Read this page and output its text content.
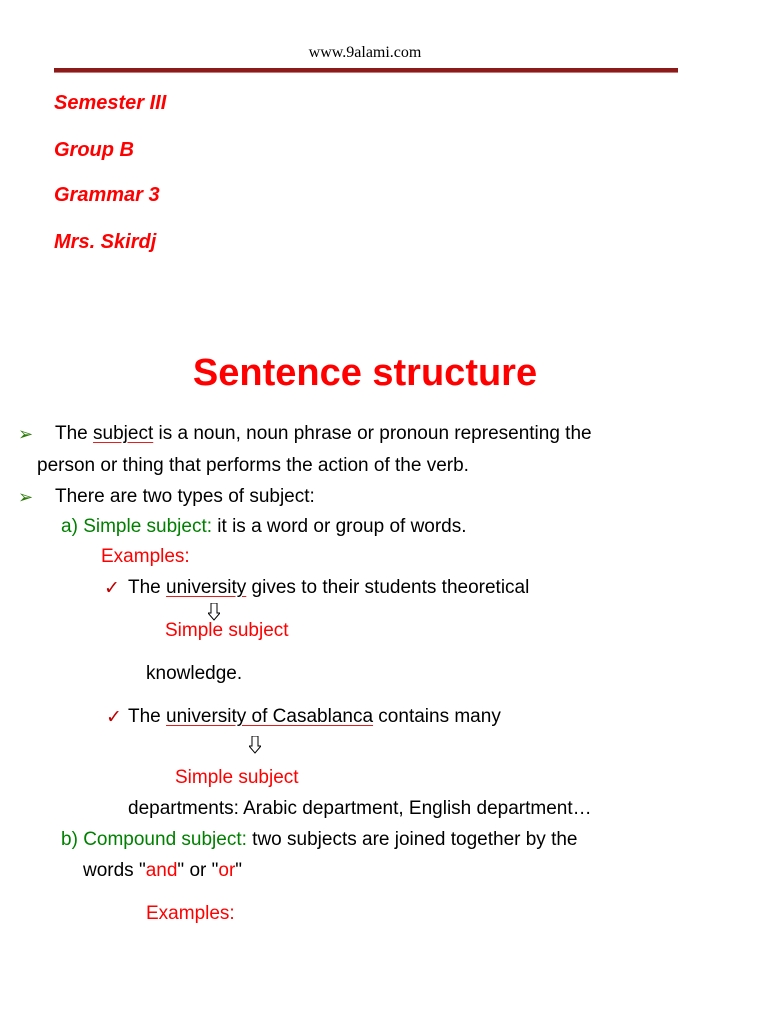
www.9alami.com
Semester III
Group B
Grammar 3
Mrs. Skirdj
Sentence structure
➢ The subject is a noun, noun phrase or pronoun representing the
person or thing that performs the action of the verb.
➢ There are two types of subject:
a) Simple subject: it is a word or group of words.
Examples:
✓ The university gives to their students theoretical
Simple subject
knowledge.
✓ The university of Casablanca contains many
Simple subject
departments: Arabic department, English department…
b) Compound subject: two subjects are joined together by the
words "and" or "or"
Examples:
